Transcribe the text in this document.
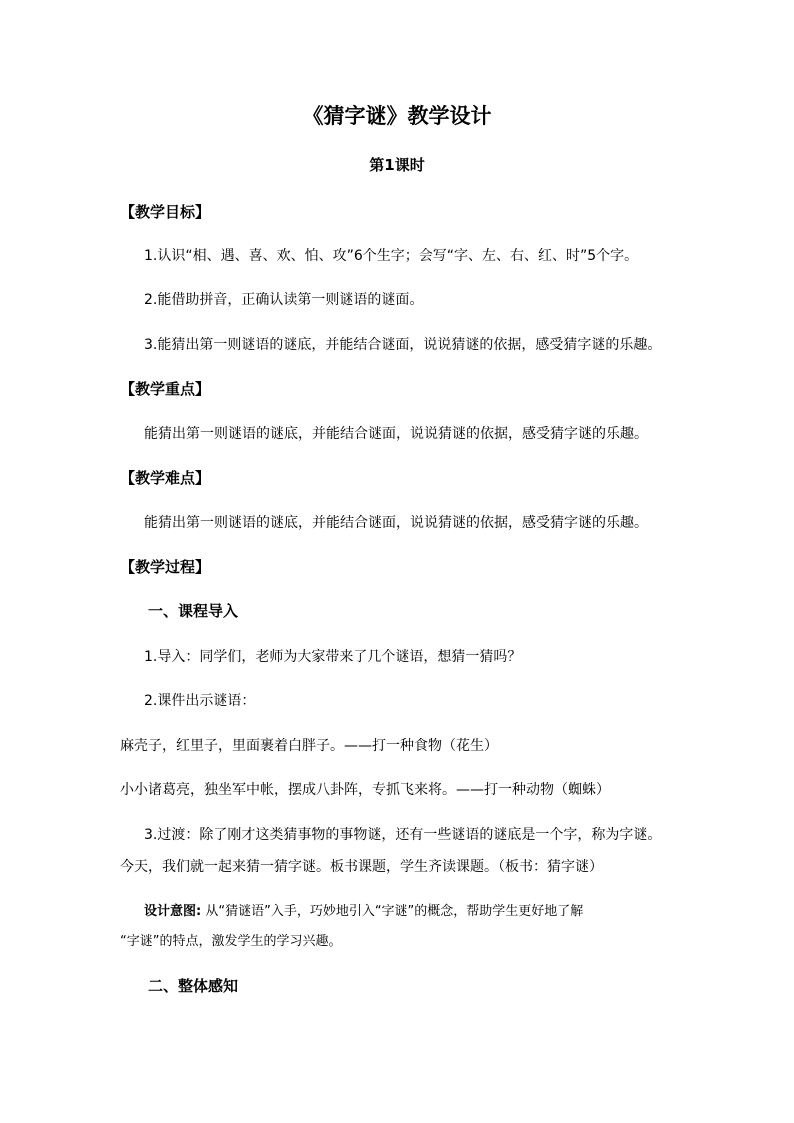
《猜字谜》教学设计
第1课时
【教学目标】
1.认识“相、遇、喜、欢、怕、攻”6个生字；会写“字、左、右、红、时”5个字。
2.能借助拼音，正确认读第一则谜语的谜面。
3.能猜出第一则谜语的谜底，并能结合谜面，说说猜谜的依据，感受猜字谜的乐趣。
【教学重点】
能猜出第一则谜语的谜底，并能结合谜面，说说猜谜的依据，感受猜字谜的乐趣。
【教学难点】
能猜出第一则谜语的谜底，并能结合谜面，说说猜谜的依据，感受猜字谜的乐趣。
【教学过程】
一、课程导入
1.导入：同学们，老师为大家带来了几个谜语，想猜一猜吗？
2.课件出示谜语：
麻壳子，红里子，里面裹着白胖子。——打一种食物（花生）
小小诸葛亮，独坐军中帐，摆成八卦阵，专抓飞来将。——打一种动物（蜘蛛）
3.过渡：除了刚才这类猜事物的事物谜，还有一些谜语的谜底是一个字，称为字谜。
今天，我们就一起来猜一猜字谜。板书课题，学生齐读课题。（板书：猜字谜）
设计意图: 从“猜谜语”入手，巧妙地引入“字谜”的概念，帮助学生更好地了解
“字谜”的特点，激发学生的学习兴趣。
二、整体感知
